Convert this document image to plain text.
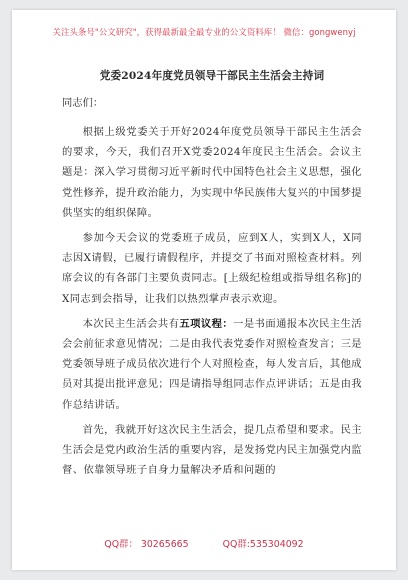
关注头条号"公文研究"，获得最新最全最专业的公文资料库！ 微信：gongwenyj
党委2024年度党员领导干部民主生活会主持词
同志们：

根据上级党委关于开好2024年度党员领导干部民主生活会的要求，今天，我们召开X党委2024年度民主生活会。会议主题是：深入学习贯彻习近平新时代中国特色社会主义思想，强化党性修养，提升政治能力，为实现中华民族伟大复兴的中国梦提供坚实的组织保障。

参加今天会议的党委班子成员，应到X人，实到X人，X同志因X请假，已履行请假程序，并提交了书面对照检查材料。列席会议的有各部门主要负责同志。[上级纪检组或指导组名称]的X同志到会指导，让我们以热烈掌声表示欢迎。

本次民主生活会共有五项议程：一是书面通报本次民主生活会会前征求意见情况；二是由我代表党委作对照检查发言；三是党委领导班子成员依次进行个人对照检查，每人发言后，其他成员对其提出批评意见；四是请指导组同志作点评讲话；五是由我作总结讲话。

首先，我就开好这次民主生活会，提几点希望和要求。民主生活会是党内政治生活的重要内容，是发扬党内民主加强党内监督、依靠领导班子自身力量解决矛盾和问题的

QQ群： 30265665	QQ群:535304092
